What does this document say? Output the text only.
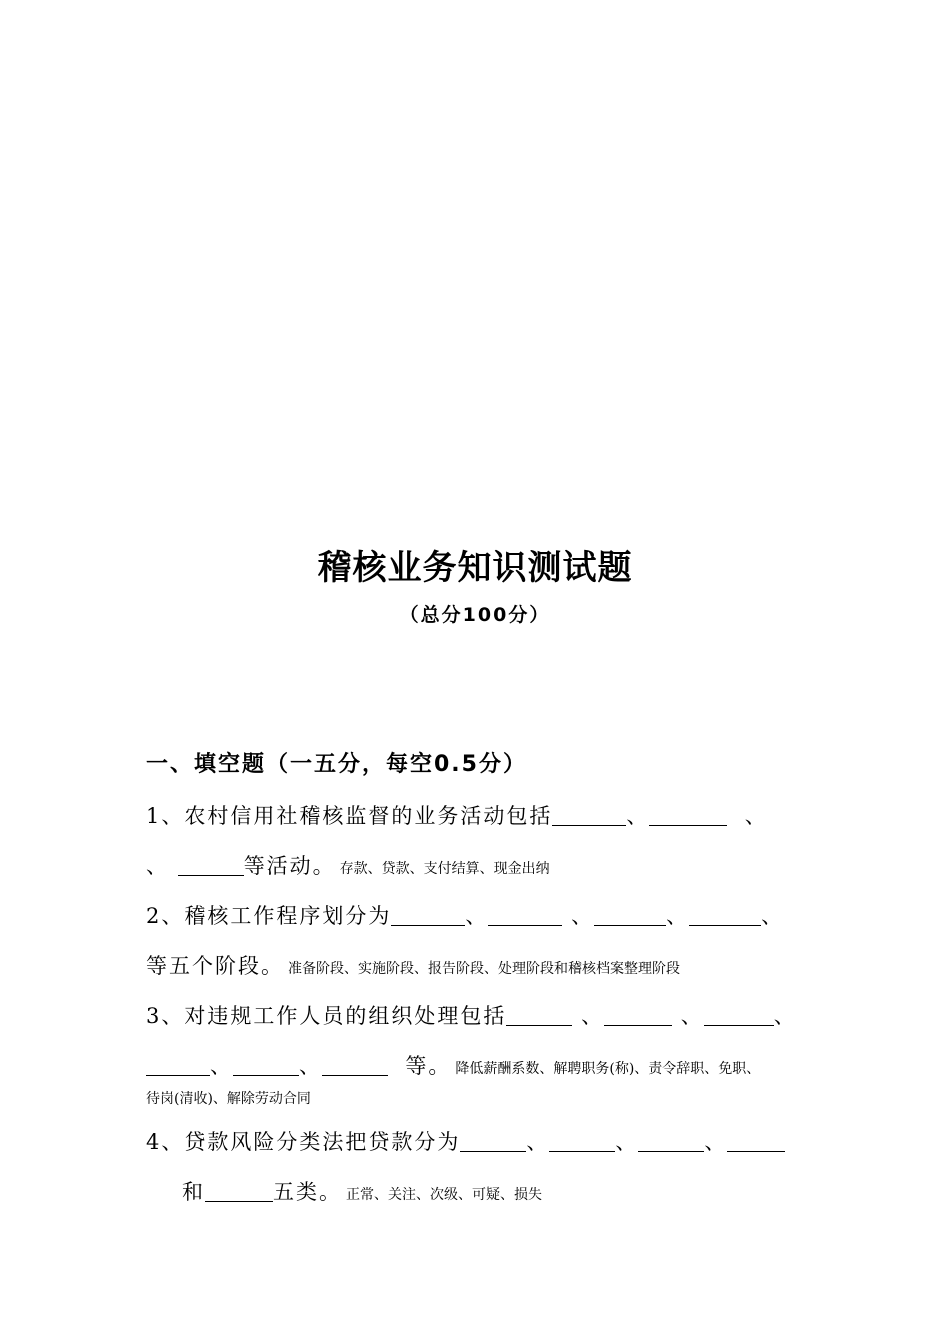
稽核业务知识测试题
（总分100分）
一、填空题（一五分，每空0.5分）
1、农村信用社稽核监督的业务活动包括	、	、
、	等活动。 存款、贷款、支付结算、现金出纳
2、稽核工作程序划分为	、	、	、	、
等五个阶段。 准备阶段、实施阶段、报告阶段、处理阶段和稽核档案整理阶段
3、对违规工作人员的组织处理包括	、	、	、
、	、	等。 降低薪酬系数、解聘职务(称)、责令辞职、免职、
待岗(清收)、解除劳动合同
4、贷款风险分类法把贷款分为	、	、	、
和	五类。 正常、关注、次级、可疑、损失
